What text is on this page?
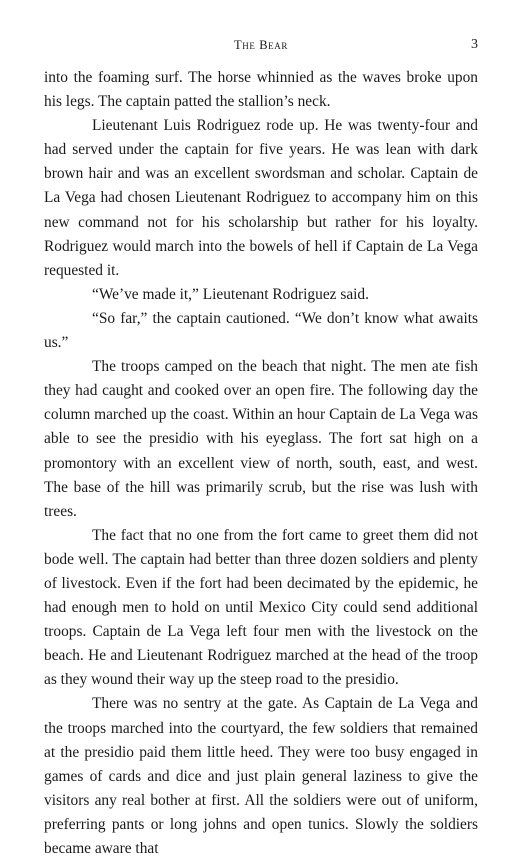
The Bear	3

into the foaming surf. The horse whinnied as the waves broke upon his legs. The captain patted the stallion’s neck.

Lieutenant Luis Rodriguez rode up. He was twenty-four and had served under the captain for five years. He was lean with dark brown hair and was an excellent swordsman and scholar. Captain de La Vega had chosen Lieutenant Rodriguez to accompany him on this new command not for his scholarship but rather for his loyalty. Rodriguez would march into the bowels of hell if Captain de La Vega requested it.

“We’ve made it,” Lieutenant Rodriguez said.

“So far,” the captain cautioned. “We don’t know what awaits us.”

The troops camped on the beach that night. The men ate fish they had caught and cooked over an open fire. The following day the column marched up the coast. Within an hour Captain de La Vega was able to see the presidio with his eyeglass. The fort sat high on a promontory with an excellent view of north, south, east, and west. The base of the hill was primarily scrub, but the rise was lush with trees.

The fact that no one from the fort came to greet them did not bode well. The captain had better than three dozen soldiers and plenty of livestock. Even if the fort had been decimated by the epidemic, he had enough men to hold on until Mexico City could send additional troops. Captain de La Vega left four men with the livestock on the beach. He and Lieutenant Rodriguez marched at the head of the troop as they wound their way up the steep road to the presidio.

There was no sentry at the gate. As Captain de La Vega and the troops marched into the courtyard, the few soldiers that remained at the presidio paid them little heed. They were too busy engaged in games of cards and dice and just plain general laziness to give the visitors any real bother at first. All the soldiers were out of uniform, preferring pants or long johns and open tunics. Slowly the soldiers became aware that
